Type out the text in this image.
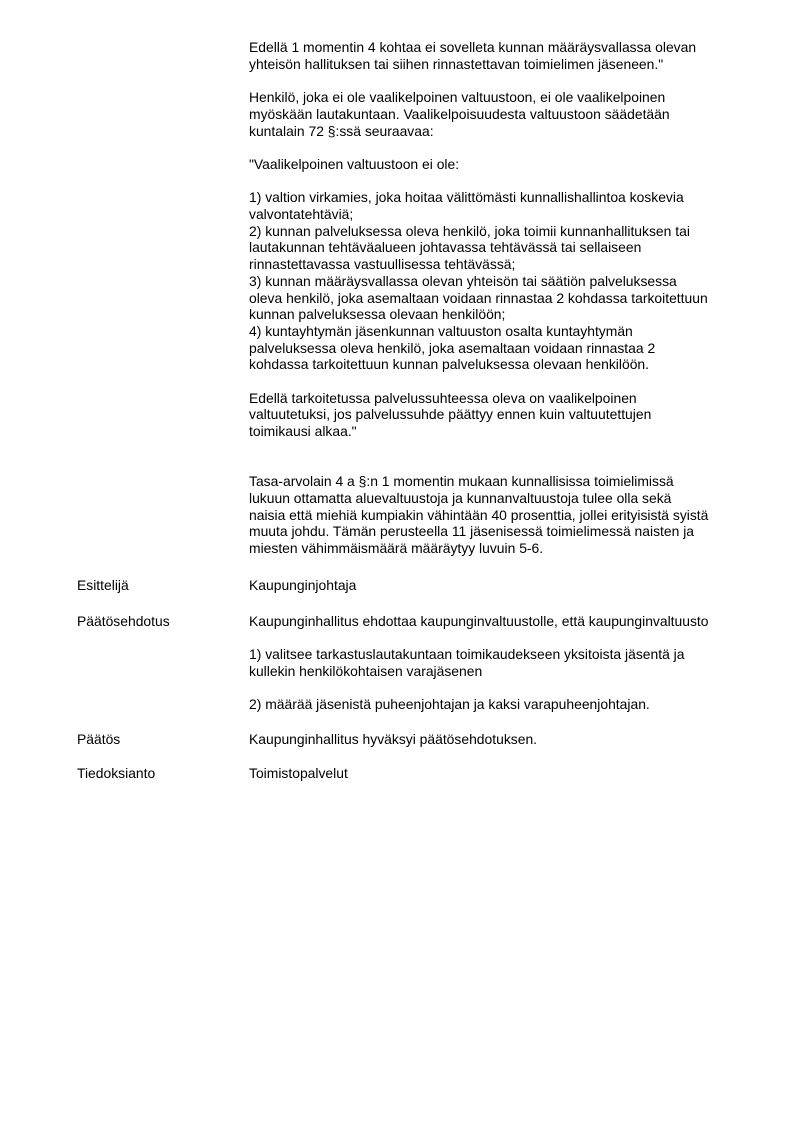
Edellä 1 momentin 4 kohtaa ei sovelleta kunnan määräysvallassa olevan
yhteisön hallituksen tai siihen rinnastettavan toimielimen jäseneen."

Henkilö, joka ei ole vaalikelpoinen valtuustoon, ei ole vaalikelpoinen
myöskään lautakuntaan. Vaalikelpoisuudesta valtuustoon säädetään
kuntalain 72 §:ssä seuraavaa:

"Vaalikelpoinen valtuustoon ei ole:

1) valtion virkamies, joka hoitaa välittömästi kunnallishallintoa koskevia
valvontatehtäviä;
2) kunnan palveluksessa oleva henkilö, joka toimii kunnanhallituksen tai
lautakunnan tehtäväalueen johtavassa tehtävässä tai sellaiseen
rinnastettavassa vastuullisessa tehtävässä;
3) kunnan määräysvallassa olevan yhteisön tai säätiön palveluksessa
oleva henkilö, joka asemaltaan voidaan rinnastaa 2 kohdassa tarkoitettuun
kunnan palveluksessa olevaan henkilöön;
4) kuntayhtymän jäsenkunnan valtuuston osalta kuntayhtymän
palveluksessa oleva henkilö, joka asemaltaan voidaan rinnastaa 2
kohdassa tarkoitettuun kunnan palveluksessa olevaan henkilöön.

Edellä tarkoitetussa palvelussuhteessa oleva on vaalikelpoinen
valtuutetuksi, jos palvelussuhde päättyy ennen kuin valtuutettujen
toimikausi alkaa."

Tasa-arvolain 4 a §:n 1 momentin mukaan kunnallisissa toimielimissä
lukuun ottamatta aluevaltuustoja ja kunnanvaltuustoja tulee olla sekä
naisia että miehiä kumpiakin vähintään 40 prosenttia, jollei erityisistä syistä
muuta johdu. Tämän perusteella 11 jäsenisessä toimielimessä naisten ja
miesten vähimmäismäärä määräytyy luvuin 5-6.

Esittelijä	Kaupunginjohtaja

Päätösehdotus	Kaupunginhallitus ehdottaa kaupunginvaltuustolle, että kaupunginvaltuusto

1) valitsee tarkastuslautakuntaan toimikaudekseen yksitoista jäsentä ja
kullekin henkilökohtaisen varajäsenen

2) määrää jäsenistä puheenjohtajan ja kaksi varapuheenjohtajan.

Päätös	Kaupunginhallitus hyväksyi päätösehdotuksen.

Tiedoksianto	Toimistopalvelut
